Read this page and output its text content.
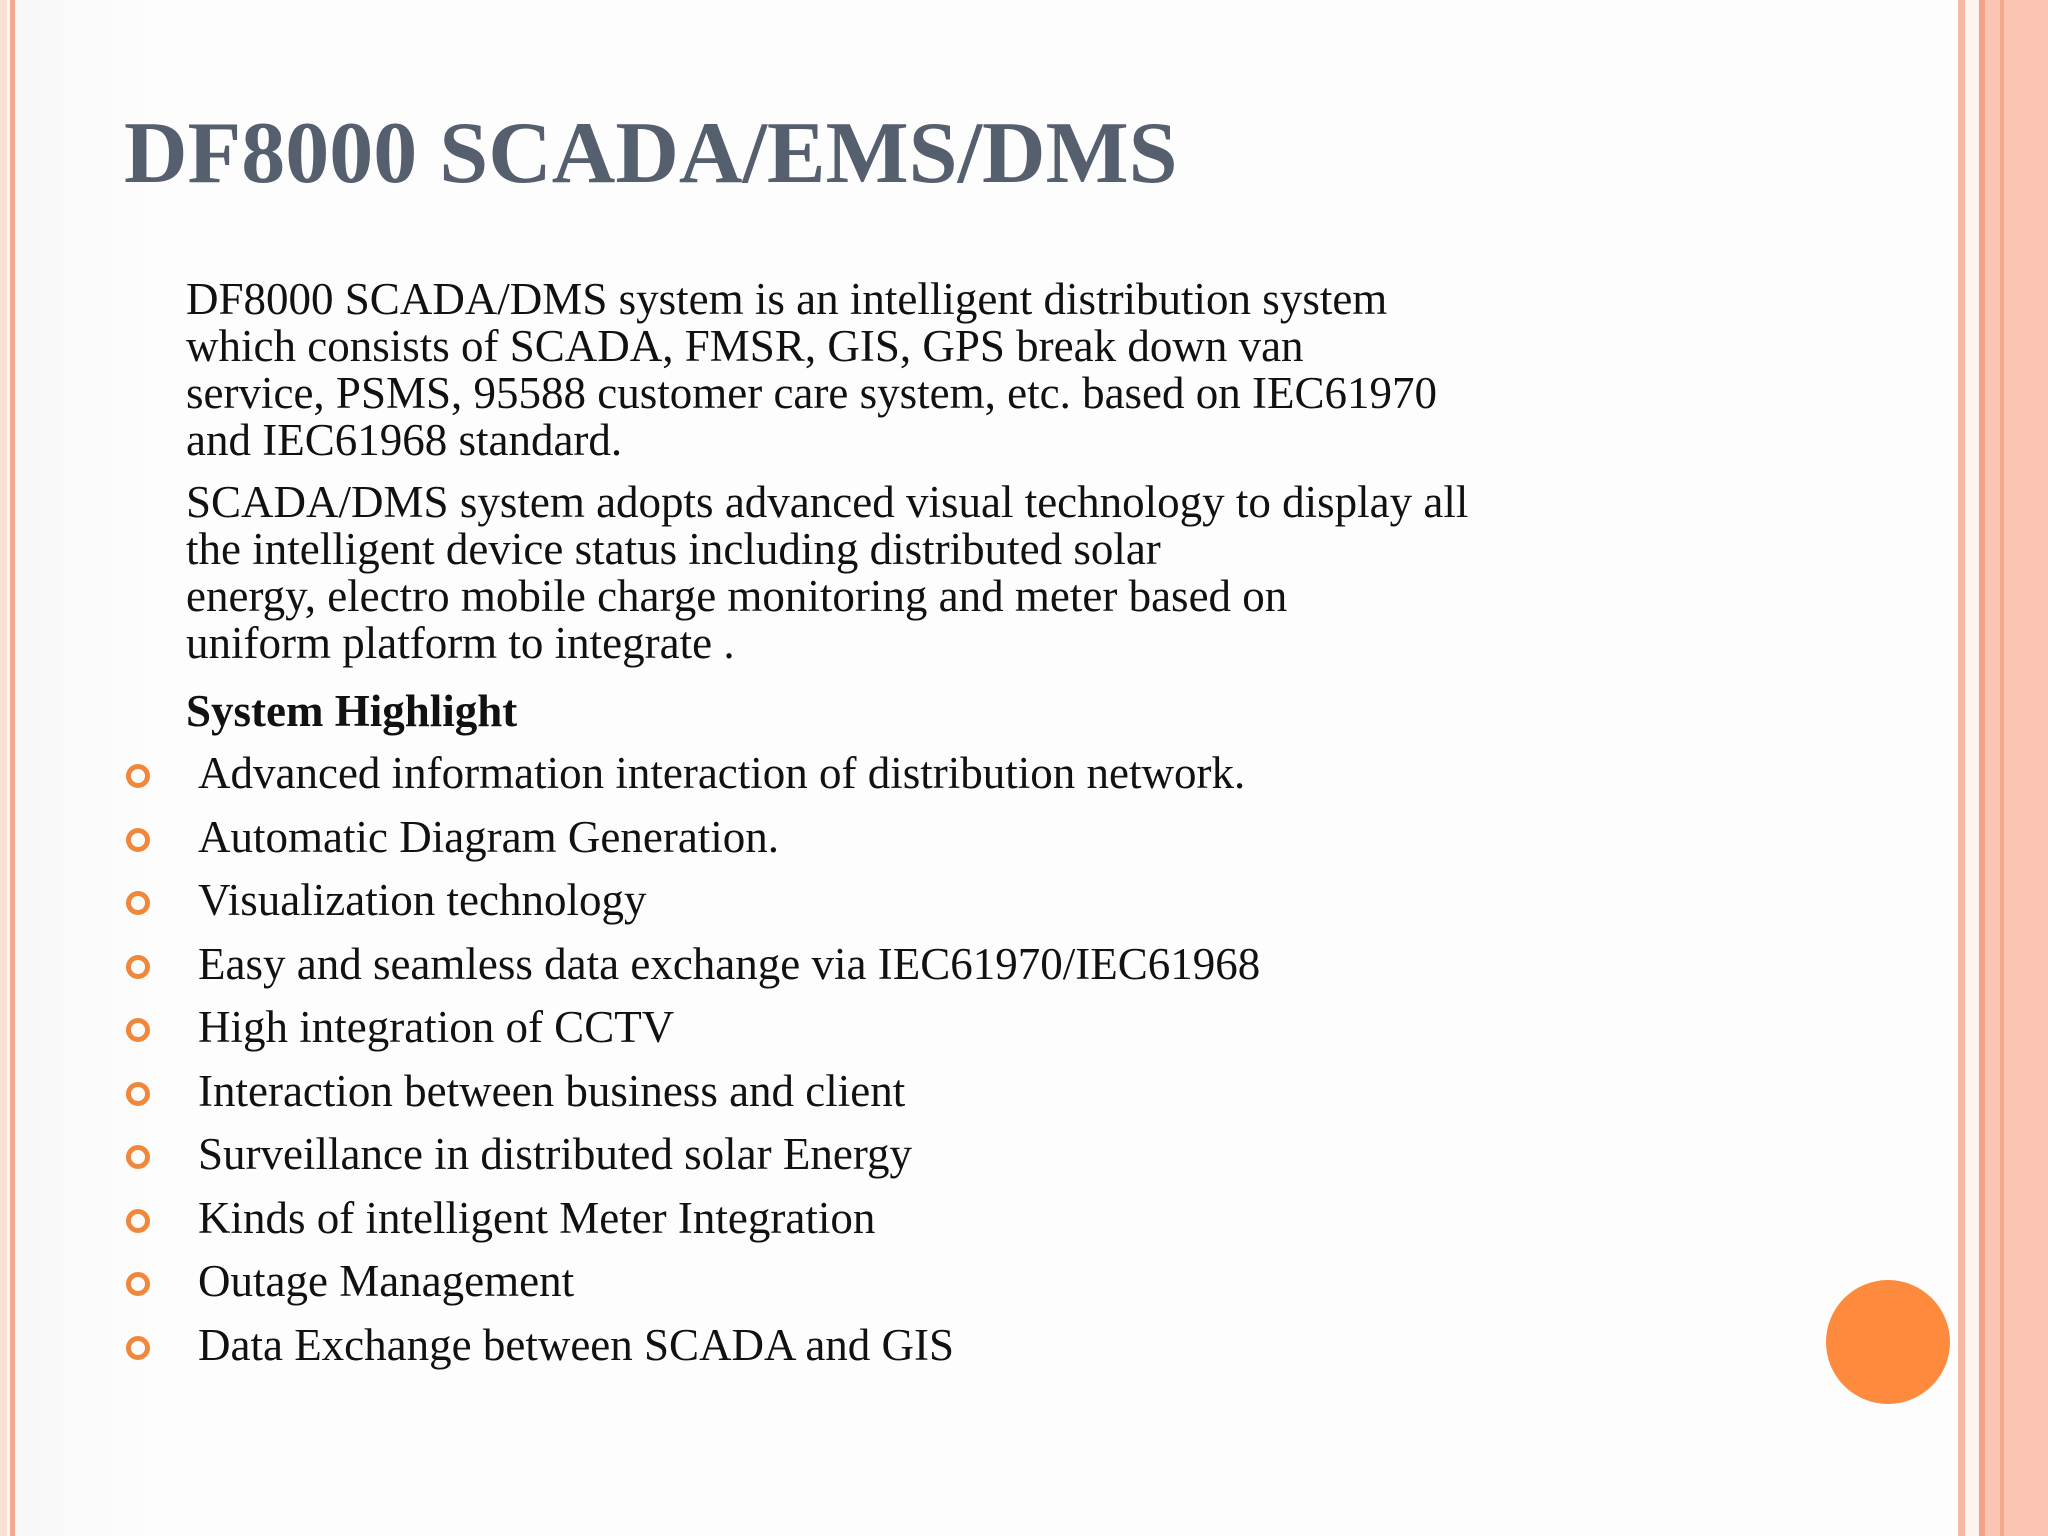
DF8000 SCADA/EMS/DMS

DF8000 SCADA/DMS system is an intelligent distribution system
which consists of SCADA, FMSR, GIS, GPS break down van
service, PSMS, 95588 customer care system, etc. based on IEC61970
and IEC61968 standard.

SCADA/DMS system adopts advanced visual technology to display all
the intelligent device status including distributed solar
energy, electro mobile charge monitoring and meter based on
uniform platform to integrate .

System Highlight

Advanced information interaction of distribution network.
Automatic Diagram Generation.
Visualization technology
Easy and seamless data exchange via IEC61970/IEC61968
High integration of CCTV
Interaction between business and client
Surveillance in distributed solar Energy
Kinds of intelligent Meter Integration
Outage Management
Data Exchange between SCADA and GIS
